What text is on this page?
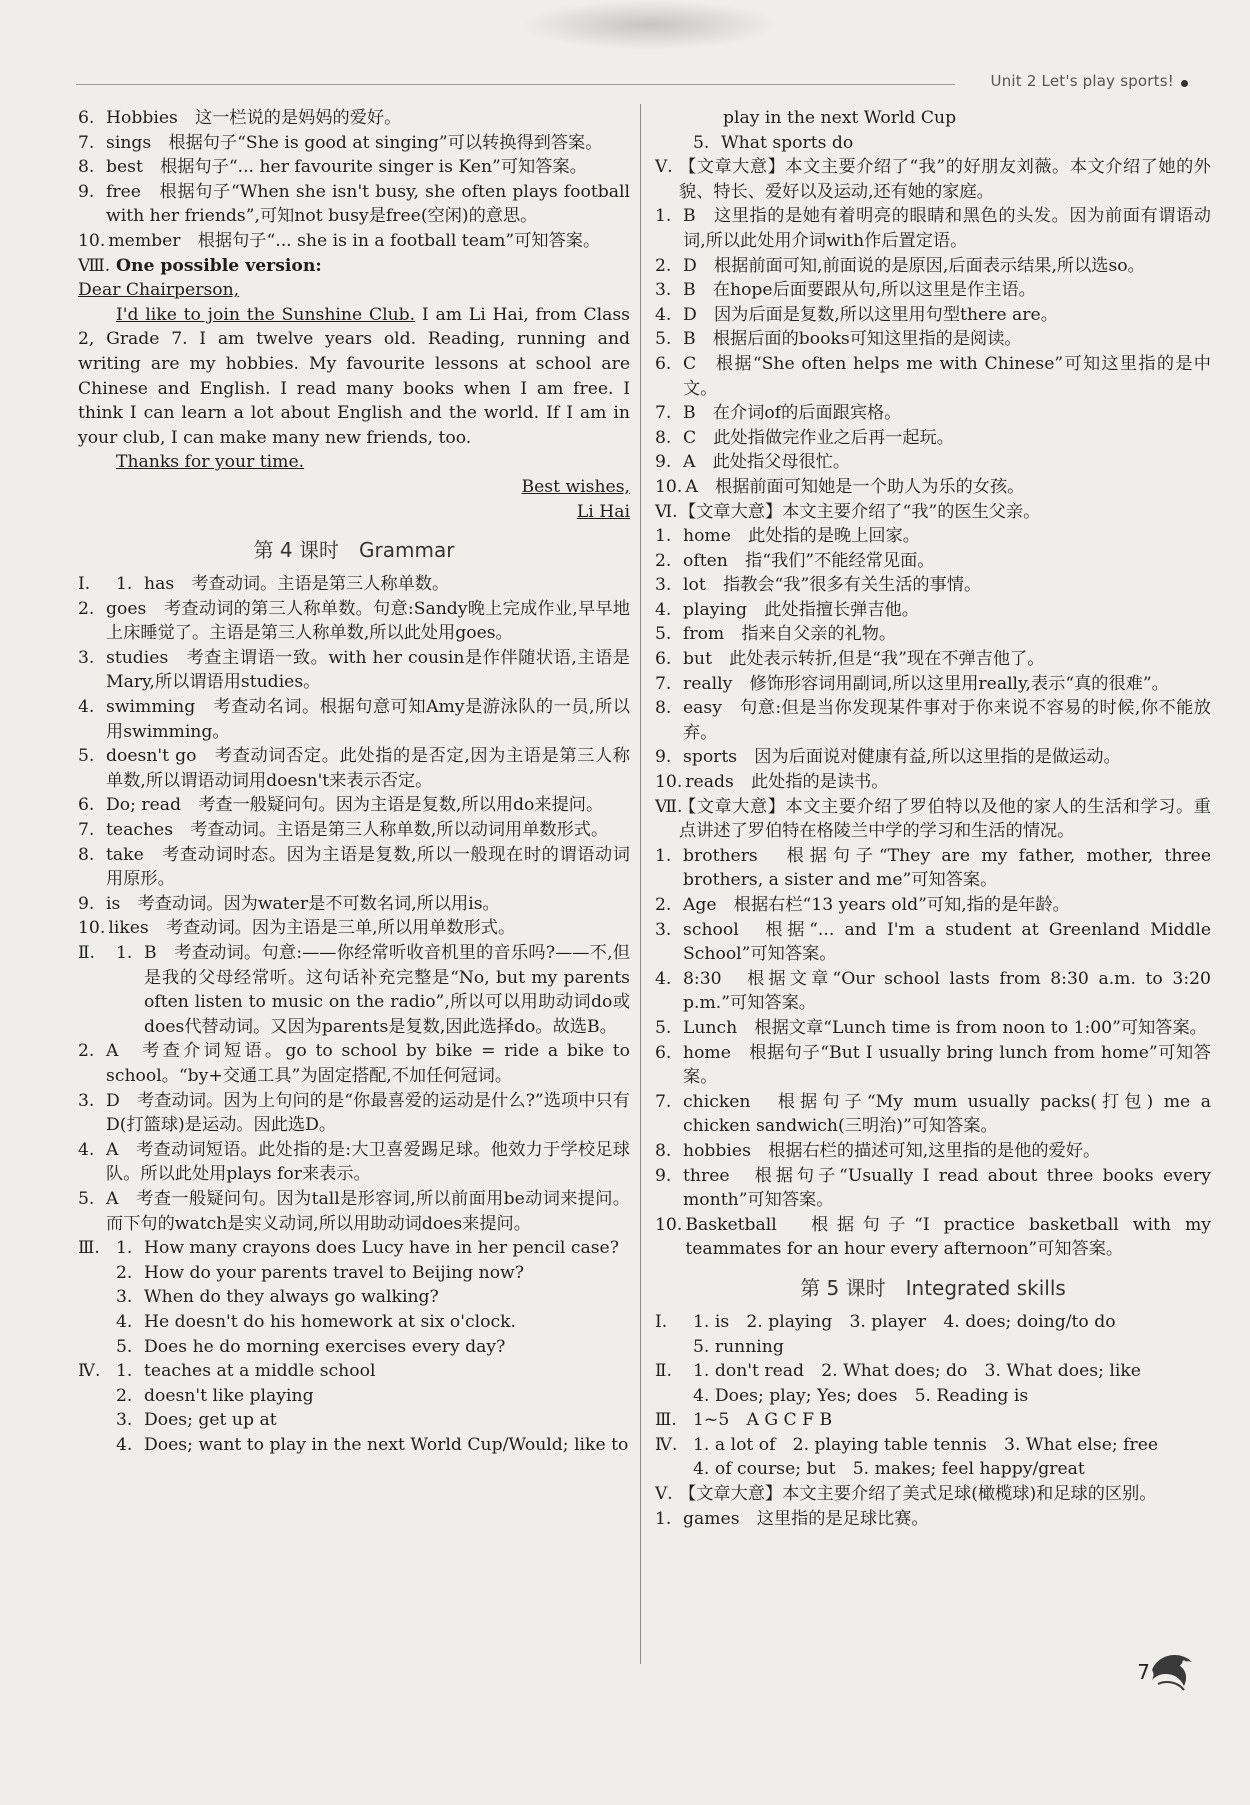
Unit 2 Let's play sports!
6. Hobbies　这一栏说的是妈妈的爱好。
7. sings　根据句子“She is good at singing”可以转换得到答案。
8. best　根据句子“... her favourite singer is Ken”可知答案。
9. free　根据句子“When she isn't busy, she often plays football with her friends”,可知not busy是free(空闲)的意思。
10. member　根据句子“... she is in a football team”可知答案。
Ⅷ. One possible version:
Dear Chairperson,
I'd like to join the Sunshine Club. I am Li Hai, from Class 2, Grade 7. I am twelve years old. Reading, running and writing are my hobbies. My favourite lessons at school are Chinese and English. I read many books when I am free. I think I can learn a lot about English and the world. If I am in your club, I can make many new friends, too.
Thanks for your time.
Best wishes,
Li Hai
第 4 课时　Grammar
Ⅰ.	1. has　考查动词。主语是第三人称单数。
2. goes　考查动词的第三人称单数。句意:Sandy晚上完成作业,早早地上床睡觉了。主语是第三人称单数,所以此处用goes。
3. studies　考查主谓语一致。with her cousin是作伴随状语,主语是Mary,所以谓语用studies。
4. swimming　考查动名词。根据句意可知Amy是游泳队的一员,所以用swimming。
5. doesn't go　考查动词否定。此处指的是否定,因为主语是第三人称单数,所以谓语动词用doesn't来表示否定。
6. Do; read　考查一般疑问句。因为主语是复数,所以用do来提问。
7. teaches　考查动词。主语是第三人称单数,所以动词用单数形式。
8. take　考查动词时态。因为主语是复数,所以一般现在时的谓语动词用原形。
9. is　考查动词。因为water是不可数名词,所以用is。
10. likes　考查动词。因为主语是三单,所以用单数形式。
Ⅱ.	1. B　考查动词。句意:——你经常听收音机里的音乐吗?——不,但是我的父母经常听。这句话补充完整是“No, but my parents often listen to music on the radio”,所以可以用助动词do或does代替动词。又因为parents是复数,因此选择do。故选B。
2. A　考查介词短语。go to school by bike = ride a bike to school。“by+交通工具”为固定搭配,不加任何冠词。
3. D　考查动词。因为上句问的是“你最喜爱的运动是什么?”选项中只有D(打篮球)是运动。因此选D。
4. A　考查动词短语。此处指的是:大卫喜爱踢足球。他效力于学校足球队。所以此处用plays for来表示。
5. A　考查一般疑问句。因为tall是形容词,所以前面用be动词来提问。而下句的watch是实义动词,所以用助动词does来提问。
Ⅲ. 1. How many crayons does Lucy have in her pencil case?
2. How do your parents travel to Beijing now?
3. When do they always go walking?
4. He doesn't do his homework at six o'clock.
5. Does he do morning exercises every day?
Ⅳ. 1. teaches at a middle school
2. doesn't like playing
3. Does; get up at
4. Does; want to play in the next World Cup/Would; like to
play in the next World Cup
5. What sports do
Ⅴ. 【文章大意】本文主要介绍了“我”的好朋友刘薇。本文介绍了她的外貌、特长、爱好以及运动,还有她的家庭。
1. B　这里指的是她有着明亮的眼睛和黑色的头发。因为前面有谓语动词,所以此处用介词with作后置定语。
2. D　根据前面可知,前面说的是原因,后面表示结果,所以选so。
3. B　在hope后面要跟从句,所以这里是作主语。
4. D　因为后面是复数,所以这里用句型there are。
5. B　根据后面的books可知这里指的是阅读。
6. C　根据“She often helps me with Chinese”可知这里指的是中文。
7. B　在介词of的后面跟宾格。
8. C　此处指做完作业之后再一起玩。
9. A　此处指父母很忙。
10. A　根据前面可知她是一个助人为乐的女孩。
Ⅵ. 【文章大意】本文主要介绍了“我”的医生父亲。
1. home　此处指的是晚上回家。
2. often　指“我们”不能经常见面。
3. lot　指教会“我”很多有关生活的事情。
4. playing　此处指擅长弹吉他。
5. from　指来自父亲的礼物。
6. but　此处表示转折,但是“我”现在不弹吉他了。
7. really　修饰形容词用副词,所以这里用really,表示“真的很难”。
8. easy　句意:但是当你发现某件事对于你来说不容易的时候,你不能放弃。
9. sports　因为后面说对健康有益,所以这里指的是做运动。
10. reads　此处指的是读书。
Ⅶ.
【文章大意】本文主要介绍了罗伯特以及他的家人的生活和学习。重点讲述了罗伯特在格陵兰中学的学习和生活的情况。
1. brothers　根据句子“They are my father, mother, three brothers, a sister and me”可知答案。
2. Age　根据右栏“13 years old”可知,指的是年龄。
3. school　根据“... and I'm a student at Greenland Middle School”可知答案。
4. 8:30　根据文章“Our school lasts from 8:30 a.m. to 3:20 p.m.”可知答案。
5. Lunch　根据文章“Lunch time is from noon to 1:00”可知答案。
6. home　根据句子“But I usually bring lunch from home”可知答案。
7. chicken　根据句子“My mum usually packs(打包) me a chicken sandwich(三明治)”可知答案。
8. hobbies　根据右栏的描述可知,这里指的是他的爱好。
9. three　根据句子“Usually I read about three books every month”可知答案。
10. Basketball　根据句子“I practice basketball with my teammates for an hour every afternoon”可知答案。
第 5 课时　Integrated skills
Ⅰ.	1. is　2. playing　3. player　4. does; doing/to do
5. running
Ⅱ.	1. don't read　2. What does; do　3. What does; like
4. Does; play; Yes; does　5. Reading is
Ⅲ. 1~5　A G C F B
Ⅳ. 1. a lot of　2. playing table tennis　3. What else; free
4. of course; but　5. makes; feel happy/great
Ⅴ. 【文章大意】本文主要介绍了美式足球(橄榄球)和足球的区别。
1. games　这里指的是足球比赛。
7
